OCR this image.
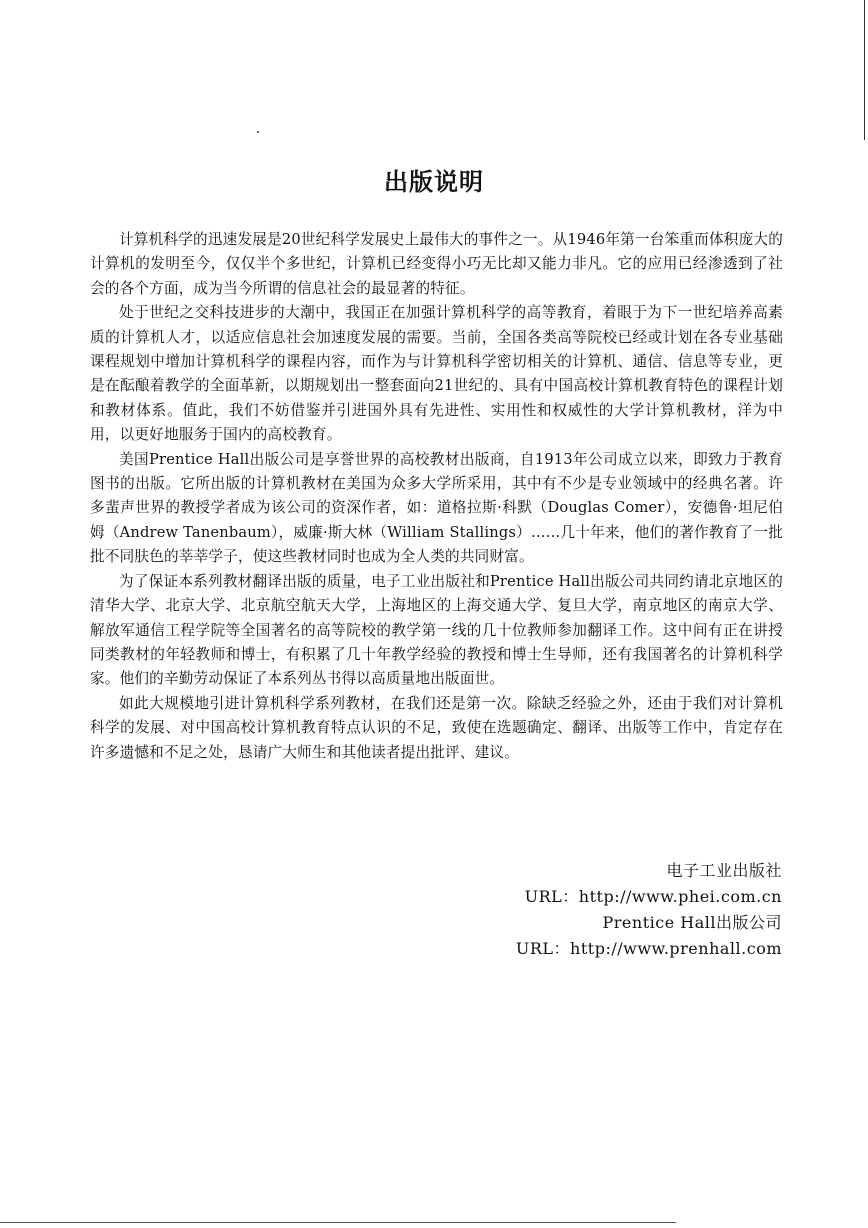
出版说明

计算机科学的迅速发展是20世纪科学发展史上最伟大的事件之一。从1946年第一台笨重而体积庞大的计算机的发明至今，仅仅半个多世纪，计算机已经变得小巧无比却又能力非凡。它的应用已经渗透到了社会的各个方面，成为当今所谓的信息社会的最显著的特征。

处于世纪之交科技进步的大潮中，我国正在加强计算机科学的高等教育，着眼于为下一世纪培养高素质的计算机人才，以适应信息社会加速度发展的需要。当前，全国各类高等院校已经或计划在各专业基础课程规划中增加计算机科学的课程内容，而作为与计算机科学密切相关的计算机、通信、信息等专业，更是在酝酿着教学的全面革新，以期规划出一整套面向21世纪的、具有中国高校计算机教育特色的课程计划和教材体系。值此，我们不妨借鉴并引进国外具有先进性、实用性和权威性的大学计算机教材，洋为中用，以更好地服务于国内的高校教育。

美国Prentice Hall出版公司是享誉世界的高校教材出版商，自1913年公司成立以来，即致力于教育图书的出版。它所出版的计算机教材在美国为众多大学所采用，其中有不少是专业领域中的经典名著。许多蜚声世界的教授学者成为该公司的资深作者，如：道格拉斯·科默（Douglas Comer），安德鲁·坦尼伯姆（Andrew Tanenbaum），威廉·斯大林（William Stallings）……几十年来，他们的著作教育了一批批不同肤色的莘莘学子，使这些教材同时也成为全人类的共同财富。

为了保证本系列教材翻译出版的质量，电子工业出版社和Prentice Hall出版公司共同约请北京地区的清华大学、北京大学、北京航空航天大学，上海地区的上海交通大学、复旦大学，南京地区的南京大学、解放军通信工程学院等全国著名的高等院校的教学第一线的几十位教师参加翻译工作。这中间有正在讲授同类教材的年轻教师和博士，有积累了几十年教学经验的教授和博士生导师，还有我国著名的计算机科学家。他们的辛勤劳动保证了本系列丛书得以高质量地出版面世。

如此大规模地引进计算机科学系列教材，在我们还是第一次。除缺乏经验之外，还由于我们对计算机科学的发展、对中国高校计算机教育特点认识的不足，致使在选题确定、翻译、出版等工作中，肯定存在许多遗憾和不足之处，恳请广大师生和其他读者提出批评、建议。

电子工业出版社
URL：http://www.phei.com.cn
Prentice Hall出版公司
URL：http://www.prenhall.com
